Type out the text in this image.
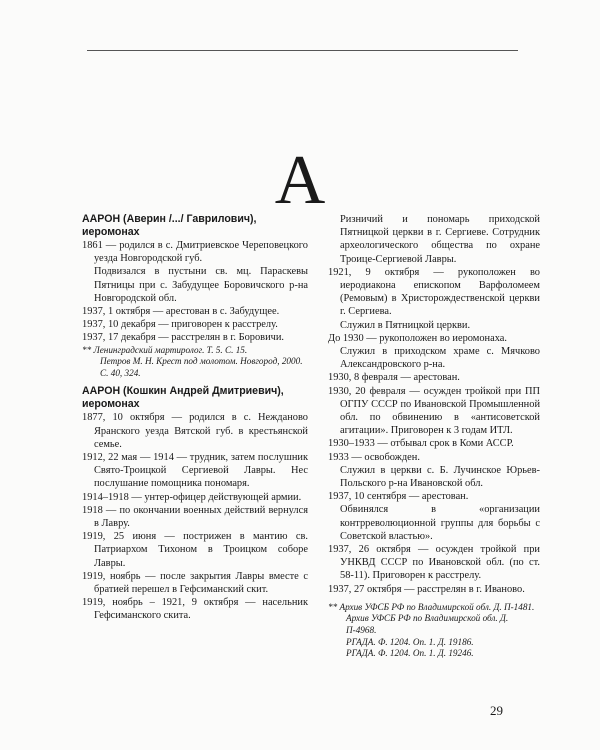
А
ААРОН (Аверин /.../ Гаврилович),
иеромонах
1861 — родился в с. Дмитриевское Череповецкого уезда Новгородской губ.
Подвизался в пустыни св. мц. Параскевы Пятницы при с. Забудущее Боровичского р-на Новгородской обл.
1937, 1 октября — арестован в с. Забудущее.
1937, 10 декабря — приговорен к расстрелу.
1937, 17 декабря — расстрелян в г. Боровичи.
** Ленинградский мартиролог. Т. 5. С. 15.
Петров М. Н. Крест под молотом. Новгород, 2000. С. 40, 324.
ААРОН (Кошкин Андрей Дмитриевич),
иеромонах
1877, 10 октября — родился в с. Нежданово Яранского уезда Вятской губ. в крестьянской семье.
1912, 22 мая — 1914 — трудник, затем послушник Свято-Троицкой Сергиевой Лавры. Нес послушание помощника пономаря.
1914–1918 — унтер-офицер действующей армии.
1918 — по окончании военных действий вернулся в Лавру.
1919, 25 июня — пострижен в мантию св. Патриархом Тихоном в Троицком соборе Лавры.
1919, ноябрь — после закрытия Лавры вместе с братией перешел в Гефсиманский скит.
1919, ноябрь – 1921, 9 октября — насельник Гефсиманского скита.
Ризничий и пономарь приходской Пятницкой церкви в г. Сергиеве. Сотрудник археологического общества по охране Троице-Сергиевой Лавры.
1921, 9 октября — рукоположен во иеродиакона епископом Варфоломеем (Ремовым) в Христорождественской церкви г. Сергиева.
Служил в Пятницкой церкви.
До 1930 — рукоположен во иеромонаха.
Служил в приходском храме с. Мячково Александровского р-на.
1930, 8 февраля — арестован.
1930, 20 февраля — осужден тройкой при ПП ОГПУ СССР по Ивановской Промышленной обл. по обвинению в «антисоветской агитации». Приговорен к 3 годам ИТЛ.
1930–1933 — отбывал срок в Коми АССР.
1933 — освобожден.
Служил в церкви с. Б. Лучинское Юрьев-Польского р-на Ивановской обл.
1937, 10 сентября — арестован.
Обвинялся в «организации контрреволюционной группы для борьбы с Советской властью».
1937, 26 октября — осужден тройкой при УНКВД СССР по Ивановской обл. (по ст. 58-11). Приговорен к расстрелу.
1937, 27 октября — расстрелян в г. Иваново.
** Архив УФСБ РФ по Владимирской обл. Д. П-1481.
Архив УФСБ РФ по Владимирской обл. Д. П-4968.
РГАДА. Ф. 1204. Оп. 1. Д. 19186.
РГАДА. Ф. 1204. Оп. 1. Д. 19246.
29
